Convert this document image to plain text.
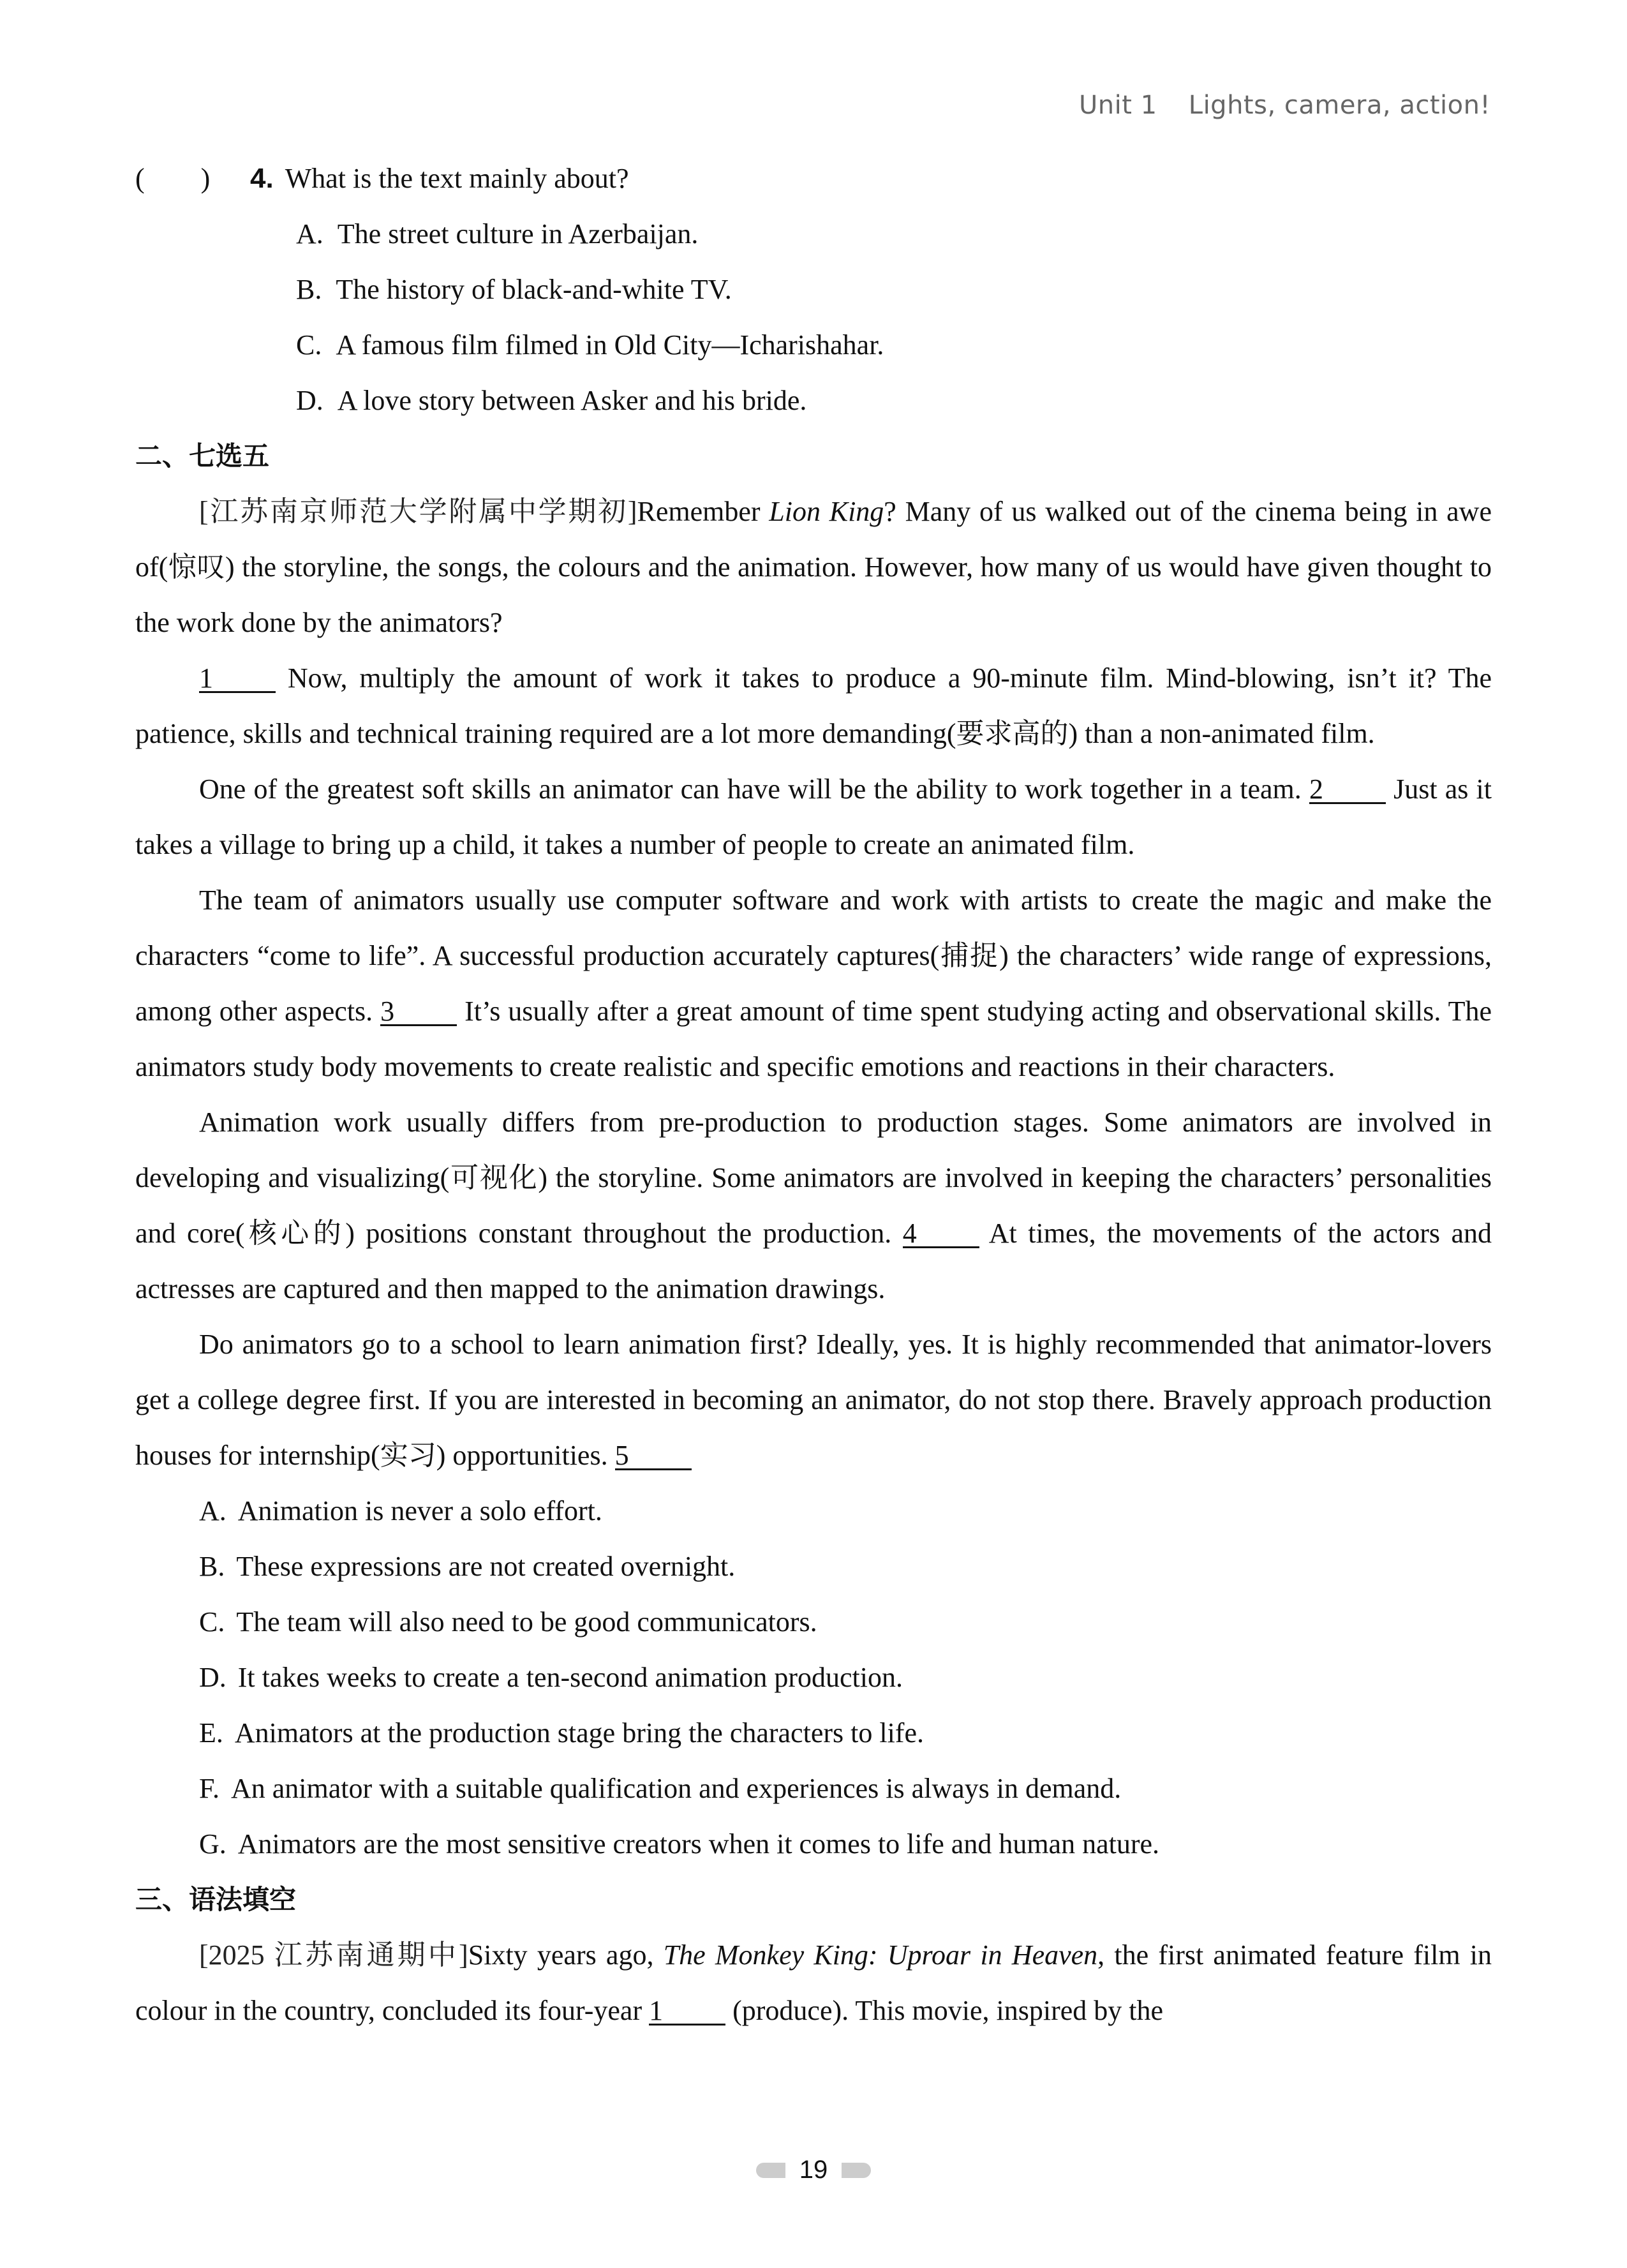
Unit 1 Lights, camera, action!
(        )	4. What is the text mainly about?
A. The street culture in Azerbaijan.
B. The history of black-and-white TV.
C. A famous film filmed in Old City—Icharishahar.
D. A love story between Asker and his bride.
二、七选五

[江苏南京师范大学附属中学期初]Remember Lion King? Many of us walked out of the cinema being in awe of(惊叹) the storyline, the songs, the colours and the animation. However, how many of us would have given thought to the work done by the animators?

1 Now, multiply the amount of work it takes to produce a 90-minute film. Mind-blowing, isn’t it? The patience, skills and technical training required are a lot more demanding(要求高的) than a non-animated film.

One of the greatest soft skills an animator can have will be the ability to work together in a team. 2 Just as it takes a village to bring up a child, it takes a number of people to create an animated film.

The team of animators usually use computer software and work with artists to create the magic and make the characters “come to life”. A successful production accurately captures(捕捉) the characters’ wide range of expressions, among other aspects. 3 It’s usually after a great amount of time spent studying acting and observational skills. The animators study body movements to create realistic and specific emotions and reactions in their characters.

Animation work usually differs from pre-production to production stages. Some animators are involved in developing and visualizing(可视化) the storyline. Some animators are involved in keeping the characters’ personalities and core(核心的) positions constant throughout the production. 4 At times, the movements of the actors and actresses are captured and then mapped to the animation drawings.

Do animators go to a school to learn animation first? Ideally, yes. It is highly recommended that animator-lovers get a college degree first. If you are interested in becoming an animator, do not stop there. Bravely approach production houses for internship(实习) opportunities. 5

A. Animation is never a solo effort.
B. These expressions are not created overnight.
C. The team will also need to be good communicators.
D. It takes weeks to create a ten-second animation production.
E. Animators at the production stage bring the characters to life.
F. An animator with a suitable qualification and experiences is always in demand.
G. Animators are the most sensitive creators when it comes to life and human nature.
三、语法填空

[2025 江苏南通期中]Sixty years ago, The Monkey King: Uproar in Heaven, the first animated feature film in colour in the country, concluded its four-year 1 (produce). This movie, inspired by the

19
